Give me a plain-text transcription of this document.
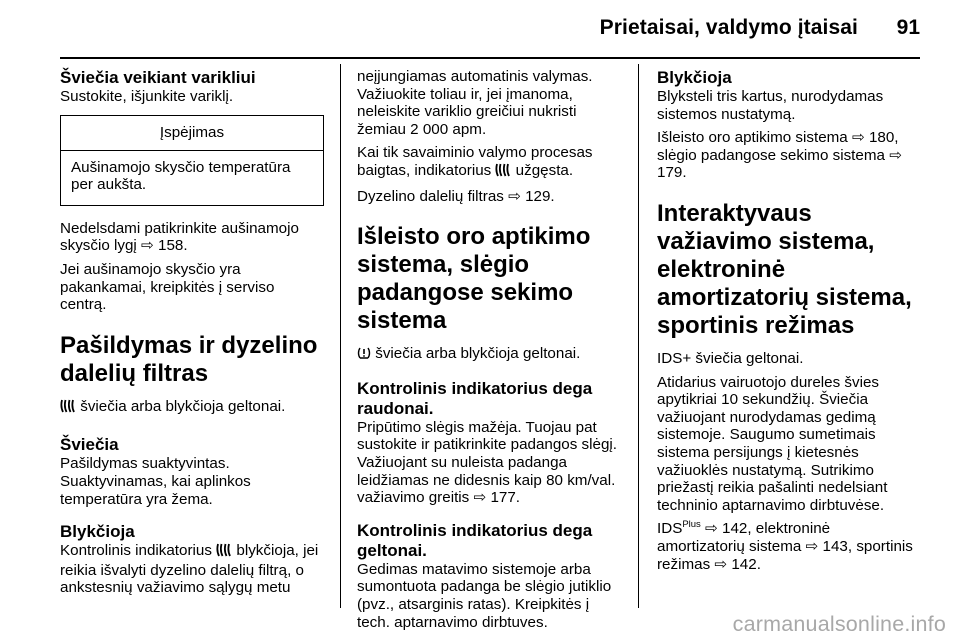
Prietaisai, valdymo įtaisai 91
Šviečia veikiant varikliui

Sustokite, išjunkite variklį.

Įspėjimas
Aušinamojo skysčio temperatūra per aukšta.

Nedelsdami patikrinkite aušinamojo skysčio lygį ⇨ 158.

Jei aušinamojo skysčio yra pakankamai, kreipkitės į serviso centrą.

Pašildymas ir dyzelino dalelių filtras

šviečia arba blykčioja geltonai.

Šviečia

Pašildymas suaktyvintas.

Suaktyvinamas, kai aplinkos temperatūra yra žema.

Blykčioja

Kontrolinis indikatorius  blykčioja, jei reikia išvalyti dyzelino dalelių filtrą, o ankstesnių važiavimo sąlygų metu

neįjungiamas automatinis valymas. Važiuokite toliau ir, jei įmanoma, neleiskite variklio greičiui nukristi žemiau 2 000 apm.

Kai tik savaiminio valymo procesas baigtas, indikatorius  užgęsta.

Dyzelino dalelių filtras ⇨ 129.

Išleisto oro aptikimo sistema, slėgio padangose sekimo sistema

šviečia arba blykčioja geltonai.

Kontrolinis indikatorius dega raudonai.

Pripūtimo slėgis mažėja. Tuojau pat sustokite ir patikrinkite padangos slėgį. Važiuojant su nuleista padanga leidžiamas ne didesnis kaip 80 km/val. važiavimo greitis ⇨ 177.

Kontrolinis indikatorius dega geltonai.

Gedimas matavimo sistemoje arba sumontuota padanga be slėgio jutiklio (pvz., atsarginis ratas). Kreipkitės į tech. aptarnavimo dirbtuves.

Blykčioja

Blyksteli tris kartus, nurodydamas sistemos nustatymą.

Išleisto oro aptikimo sistema ⇨ 180, slėgio padangose sekimo sistema ⇨ 179.

Interaktyvaus važiavimo sistema, elektroninė amortizatorių sistema, sportinis režimas

IDS+ šviečia geltonai.

Atidarius vairuotojo dureles švies apytikriai 10 sekundžių. Šviečia važiuojant nurodydamas gedimą sistemoje. Saugumo sumetimais sistema persijungs į kietesnės važiuoklės nustatymą. Sutrikimo priežastį reikia pašalinti nedelsiant techninio aptarnavimo dirbtuvėse.

$IDS^{Plus}$ ⇨ 142, elektroninė amortizatorių sistema ⇨ 143, sportinis režimas ⇨ 142.

carmanualsonline.info
